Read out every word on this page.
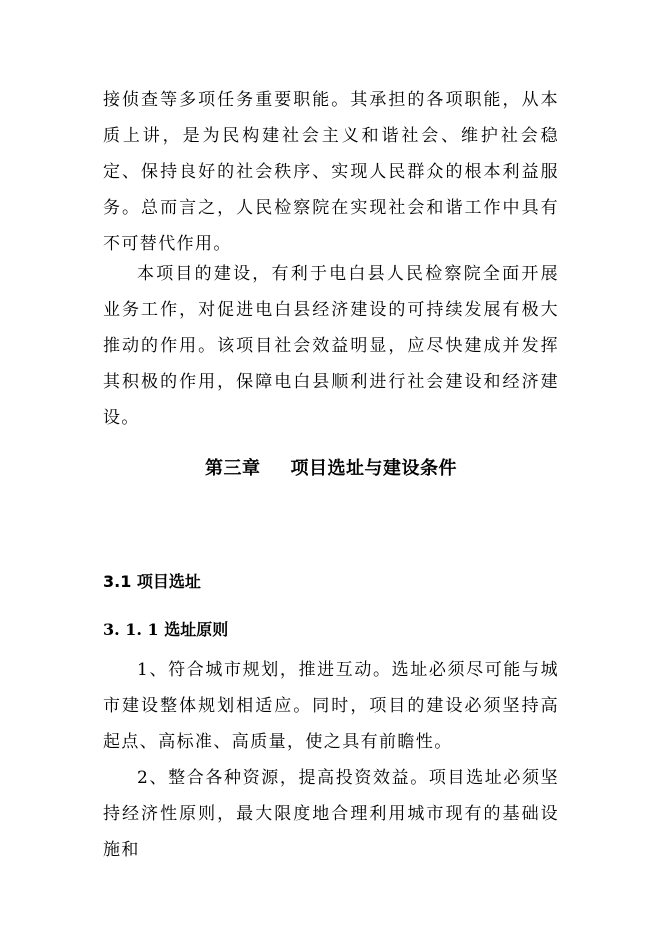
接侦查等多项任务重要职能。其承担的各项职能，从本质上讲，是为民构建社会主义和谐社会、维护社会稳定、保持良好的社会秩序、实现人民群众的根本利益服务。总而言之，人民检察院在实现社会和谐工作中具有不可替代作用。

本项目的建设，有利于电白县人民检察院全面开展业务工作，对促进电白县经济建设的可持续发展有极大推动的作用。该项目社会效益明显，应尽快建成并发挥其积极的作用，保障电白县顺利进行社会建设和经济建设。

第三章 项目选址与建设条件
3.1 项目选址
3. 1. 1 选址原则

1、符合城市规划，推进互动。选址必须尽可能与城市建设整体规划相适应。同时，项目的建设必须坚持高起点、高标准、高质量，使之具有前瞻性。

2、整合各种资源，提高投资效益。项目选址必须坚持经济性原则，最大限度地合理利用城市现有的基础设施和
